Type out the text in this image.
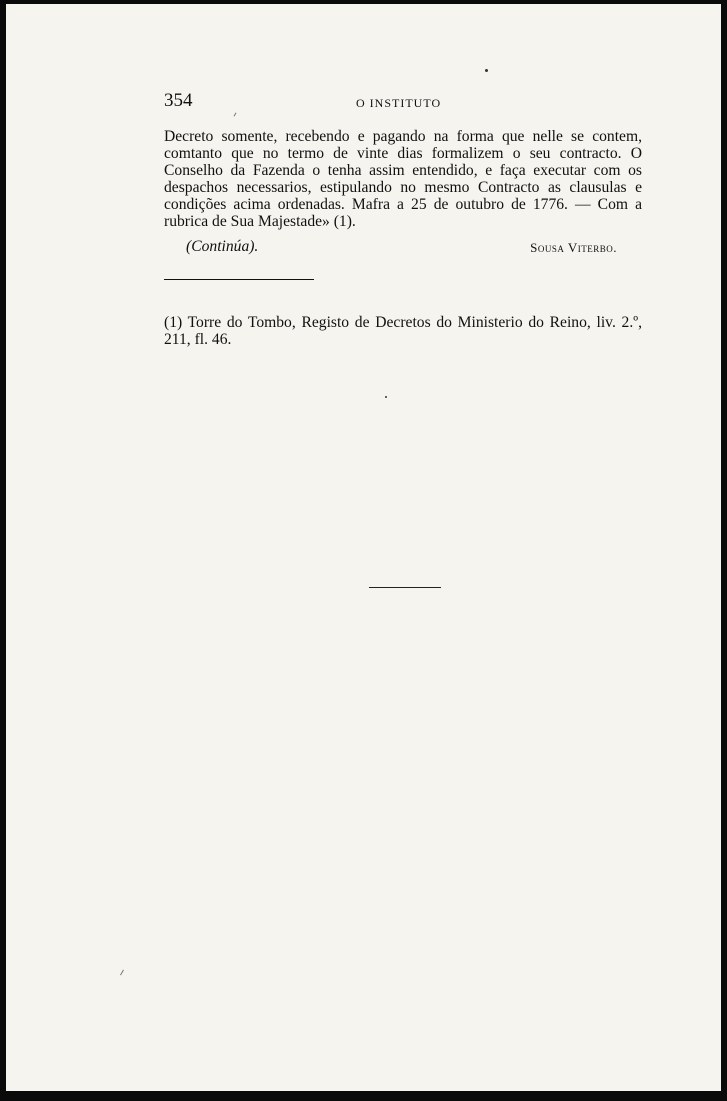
354	O INSTITUTO

Decreto somente, recebendo e pagando na forma que nelle se contem, comtanto que no termo de vinte dias formalizem o seu contracto. O Conselho da Fazenda o tenha assim entendido, e faça executar com os despachos necessarios, estipulando no mesmo Contracto as clausulas e condições acima ordenadas. Mafra a 25 de outubro de 1776. — Com a rubrica de Sua Majestade» (1).

(Continúa).	Sousa Viterbo.

(1) Torre do Tombo, Registo de Decretos do Ministerio do Reino, liv. 2.º, 211, fl. 46.
